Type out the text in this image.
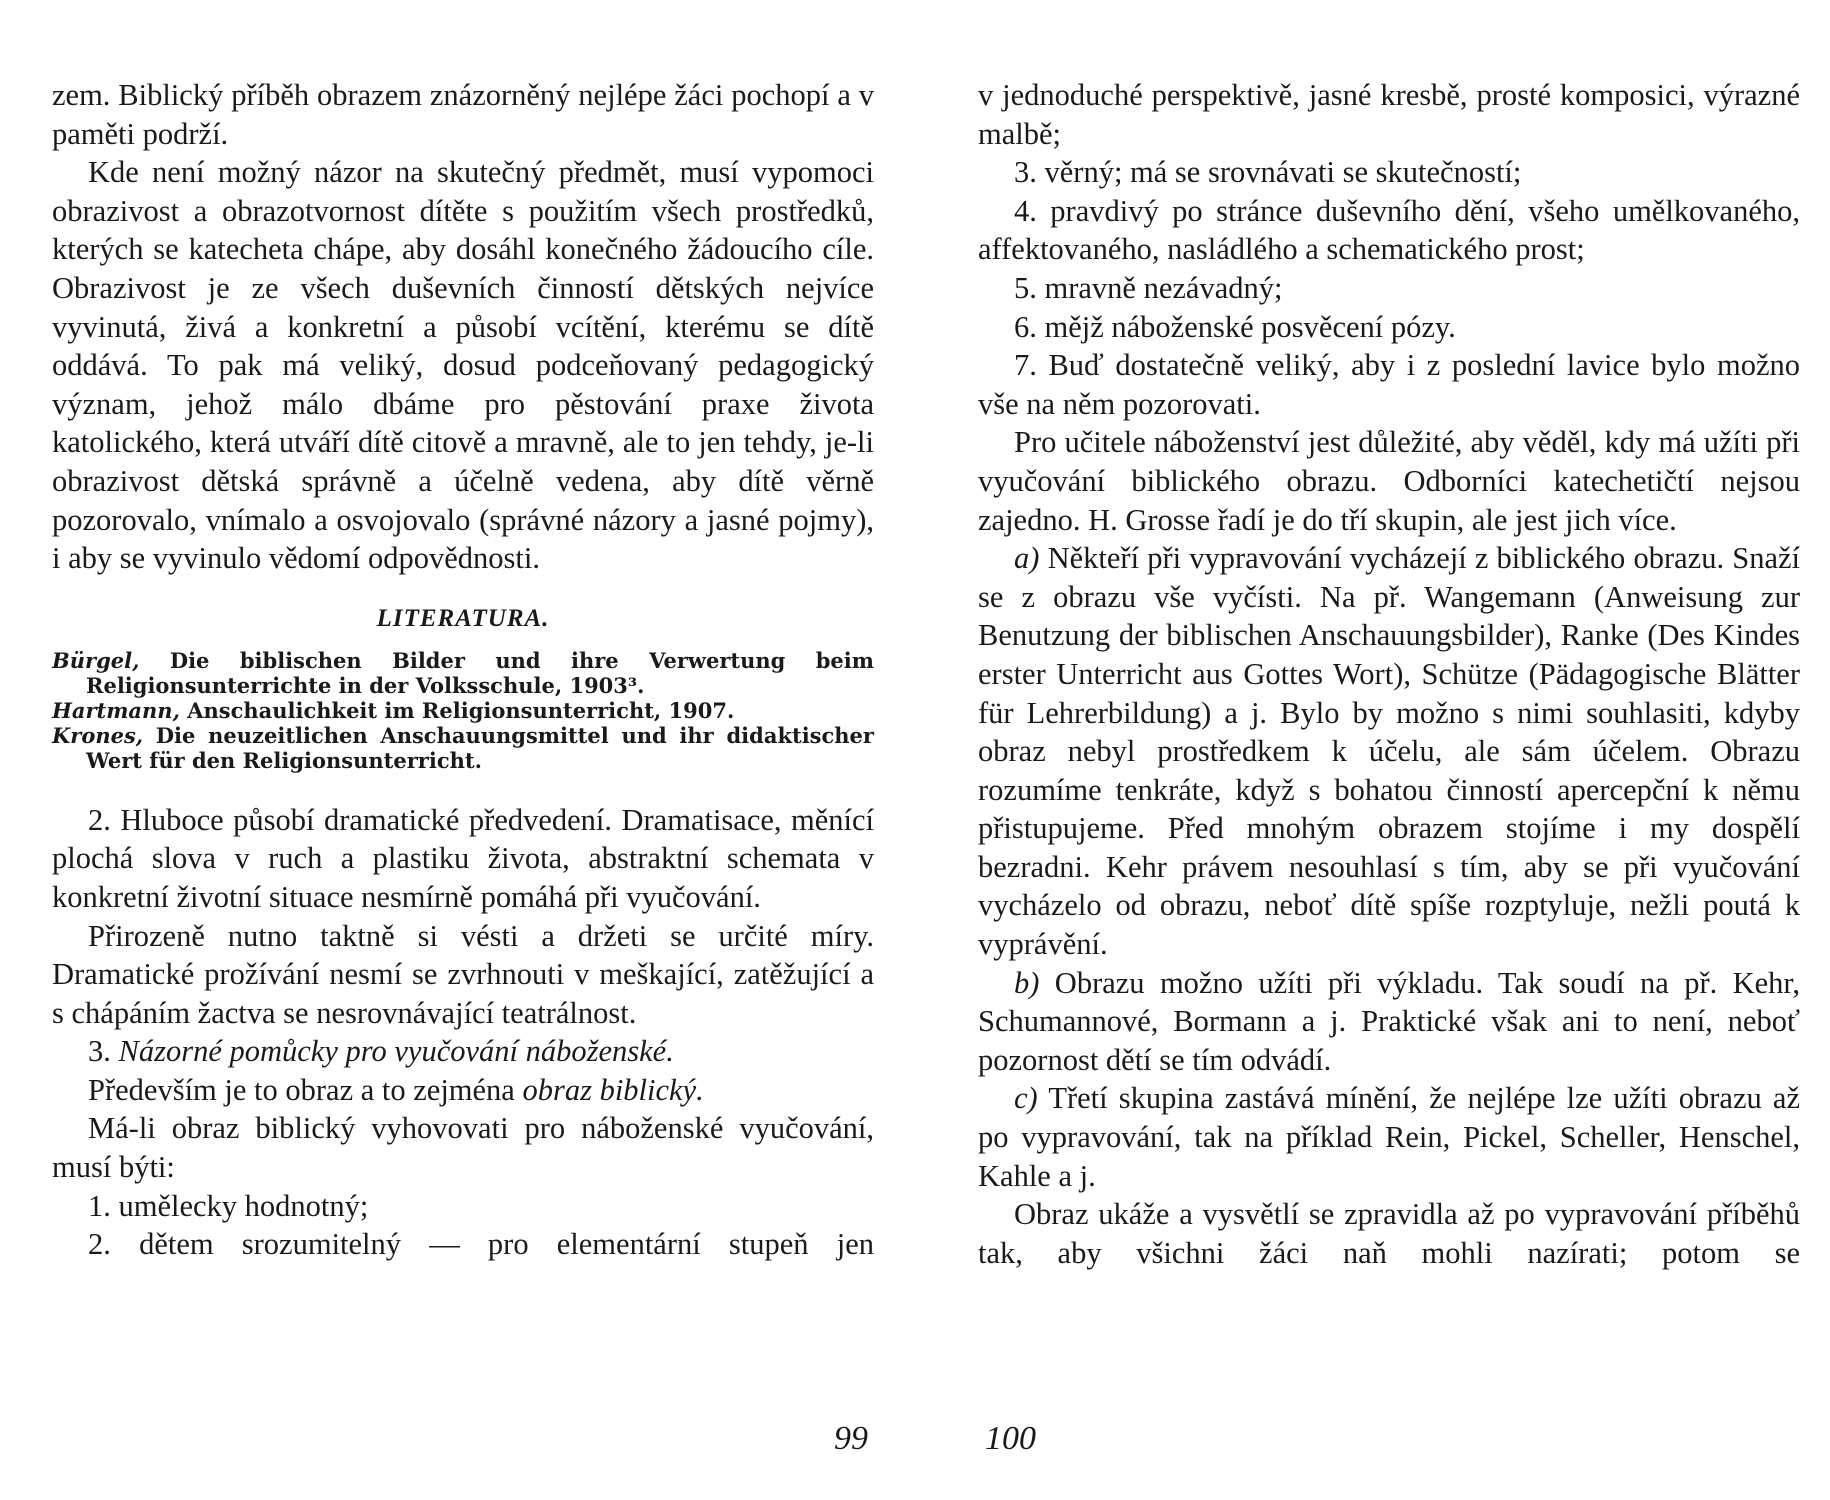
zem. Biblický příběh obrazem znázorněný nejlépe žáci pochopí a v paměti podrží.

Kde není možný názor na skutečný předmět, musí vypomoci obrazivost a obrazotvornost dítěte s použitím všech prostředků, kterých se katecheta chápe, aby dosáhl konečného žádoucího cíle. Obrazivost je ze všech duševních činností dětských nejvíce vyvinutá, živá a konkretní a působí vcítění, kterému se dítě oddává. To pak má veliký, dosud podceňovaný pedagogický význam, jehož málo dbáme pro pěstování praxe života katolického, která utváří dítě citově a mravně, ale to jen tehdy, je-li obrazivost dětská správně a účelně vedena, aby dítě věrně pozorovalo, vnímalo a osvojovalo (správné názory a jasné pojmy), i aby se vyvinulo vědomí odpovědnosti.

LITERATURA.
Bürgel, Die biblischen Bilder und ihre Verwertung beim Religionsunterrichte in der Volksschule, 1903³.
Hartmann, Anschaulichkeit im Religionsunterricht, 1907.
Krones, Die neuzeitlichen Anschauungsmittel und ihr didaktischer Wert für den Religionsunterricht.

2. Hluboce působí dramatické předvedení. Dramatisace, měnící plochá slova v ruch a plastiku života, abstraktní schemata v konkretní životní situace nesmírně pomáhá při vyučování.

Přirozeně nutno taktně si vésti a držeti se určité míry. Dramatické prožívání nesmí se zvrhnouti v meškající, zatěžující a s chápáním žactva se nesrovnávající teatrálnost.

3. Názorné pomůcky pro vyučování náboženské.

Především je to obraz a to zejména obraz biblický.

Má-li obraz biblický vyhovovati pro náboženské vyučování, musí býti:

1. umělecky hodnotný;

2. dětem srozumitelný — pro elementární stupeň jen

v jednoduché perspektivě, jasné kresbě, prosté komposici, výrazné malbě;

3. věrný; má se srovnávati se skutečností;

4. pravdivý po stránce duševního dění, všeho umělkovaného, affektovaného, nasládlého a schematického prost;

5. mravně nezávadný;

6. mějž náboženské posvěcení pózy.

7. Buď dostatečně veliký, aby i z poslední lavice bylo možno vše na něm pozorovati.

Pro učitele náboženství jest důležité, aby věděl, kdy má užíti při vyučování biblického obrazu. Odborníci katechetičtí nejsou zajedno. H. Grosse řadí je do tří skupin, ale jest jich více.

a) Někteří při vypravování vycházejí z biblického obrazu. Snaží se z obrazu vše vyčísti. Na př. Wangemann (Anweisung zur Benutzung der biblischen Anschauungsbilder), Ranke (Des Kindes erster Unterricht aus Gottes Wort), Schütze (Pädagogische Blätter für Lehrerbildung) a j. Bylo by možno s nimi souhlasiti, kdyby obraz nebyl prostředkem k účelu, ale sám účelem. Obrazu rozumíme tenkráte, když s bohatou činností apercepční k němu přistupujeme. Před mnohým obrazem stojíme i my dospělí bezradni. Kehr právem nesouhlasí s tím, aby se při vyučování vycházelo od obrazu, neboť dítě spíše rozptyluje, nežli poutá k vyprávění.

b) Obrazu možno užíti při výkladu. Tak soudí na př. Kehr, Schumannové, Bormann a j. Praktické však ani to není, neboť pozornost dětí se tím odvádí.

c) Třetí skupina zastává mínění, že nejlépe lze užíti obrazu až po vypravování, tak na příklad Rein, Pickel, Scheller, Henschel, Kahle a j.

Obraz ukáže a vysvětlí se zpravidla až po vypravování příběhů tak, aby všichni žáci naň mohli nazírati; potom se

99	100
